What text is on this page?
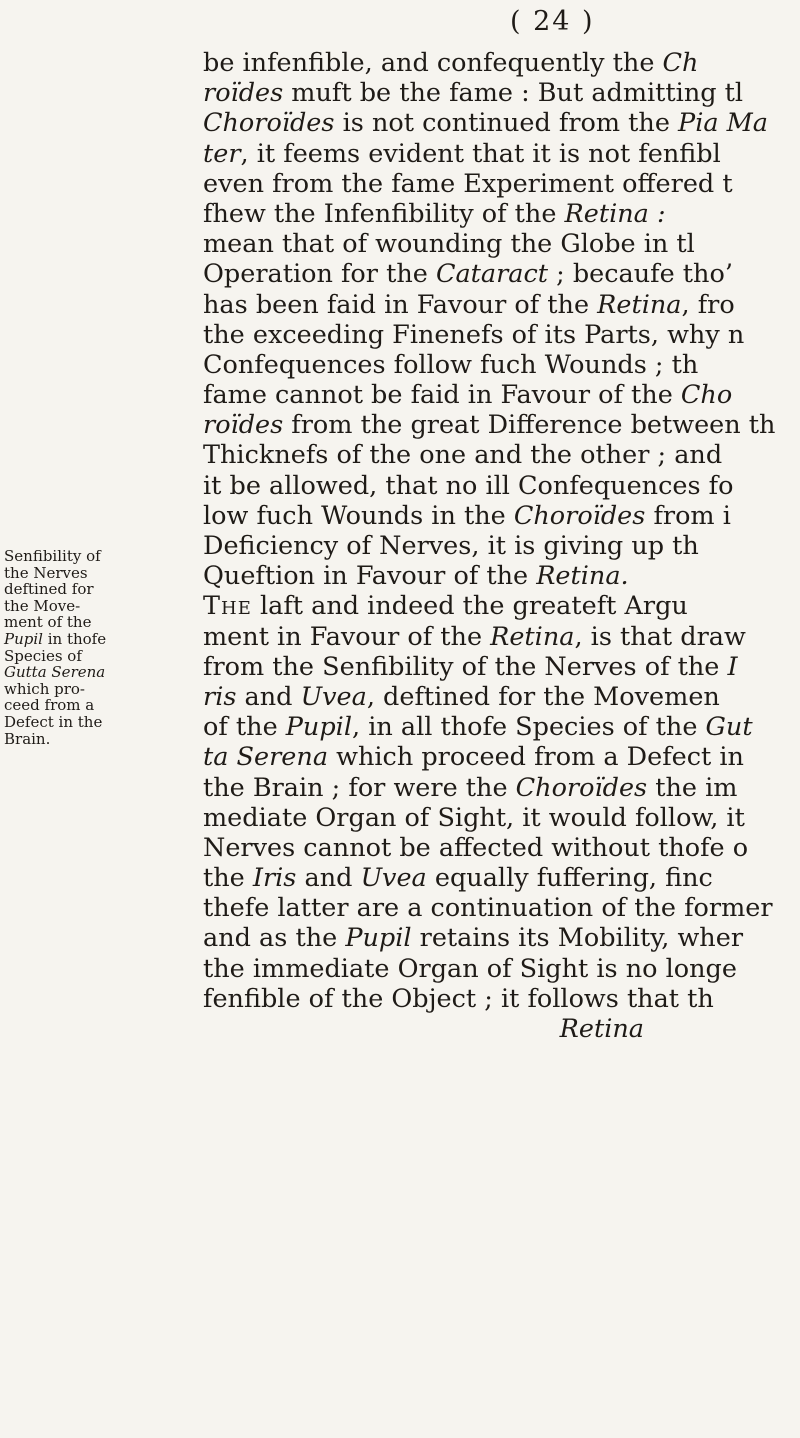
( 24 )
be infenfible, and confequently the Ch
roïdes muft be the fame : But admitting tl
Choroïdes is not continued from the Pia Ma
ter, it feems evident that it is not fenfibl
even from the fame Experiment offered t
fhew the Infenfibility of the Retina :
mean that of wounding the Globe in tl
Operation for the Cataract ; becaufe tho’
has been faid in Favour of the Retina, fro
the exceeding Finenefs of its Parts, why n
Confequences follow fuch Wounds ; th
fame cannot be faid in Favour of the Cho
roïdes from the great Difference between th
Thicknefs of the one and the other ; and
it be allowed, that no ill Confequences fo
low fuch Wounds in the Choroïdes from i
Deficiency of Nerves, it is giving up th
Queftion in Favour of the Retina.
The laft and indeed the greateft Argu
ment in Favour of the Retina, is that draw
from the Senfibility of the Nerves of the I
ris and Uvea, deftined for the Movemen
of the Pupil, in all thofe Species of the Gut
ta Serena which proceed from a Defect in
the Brain ; for were the Choroïdes the im
mediate Organ of Sight, it would follow, it
Nerves cannot be affected without thofe o
the Iris and Uvea equally fuffering, finc
thefe latter are a continuation of the former
and as the Pupil retains its Mobility, wher
the immediate Organ of Sight is no longe
fenfible of the Object ; it follows that th
Retina
Senfibility of
the Nerves
deftined for
the Move-
ment of the
Pupil in thofe
Species of
Gutta Serena
which pro-
ceed from a
Defect in the
Brain.
